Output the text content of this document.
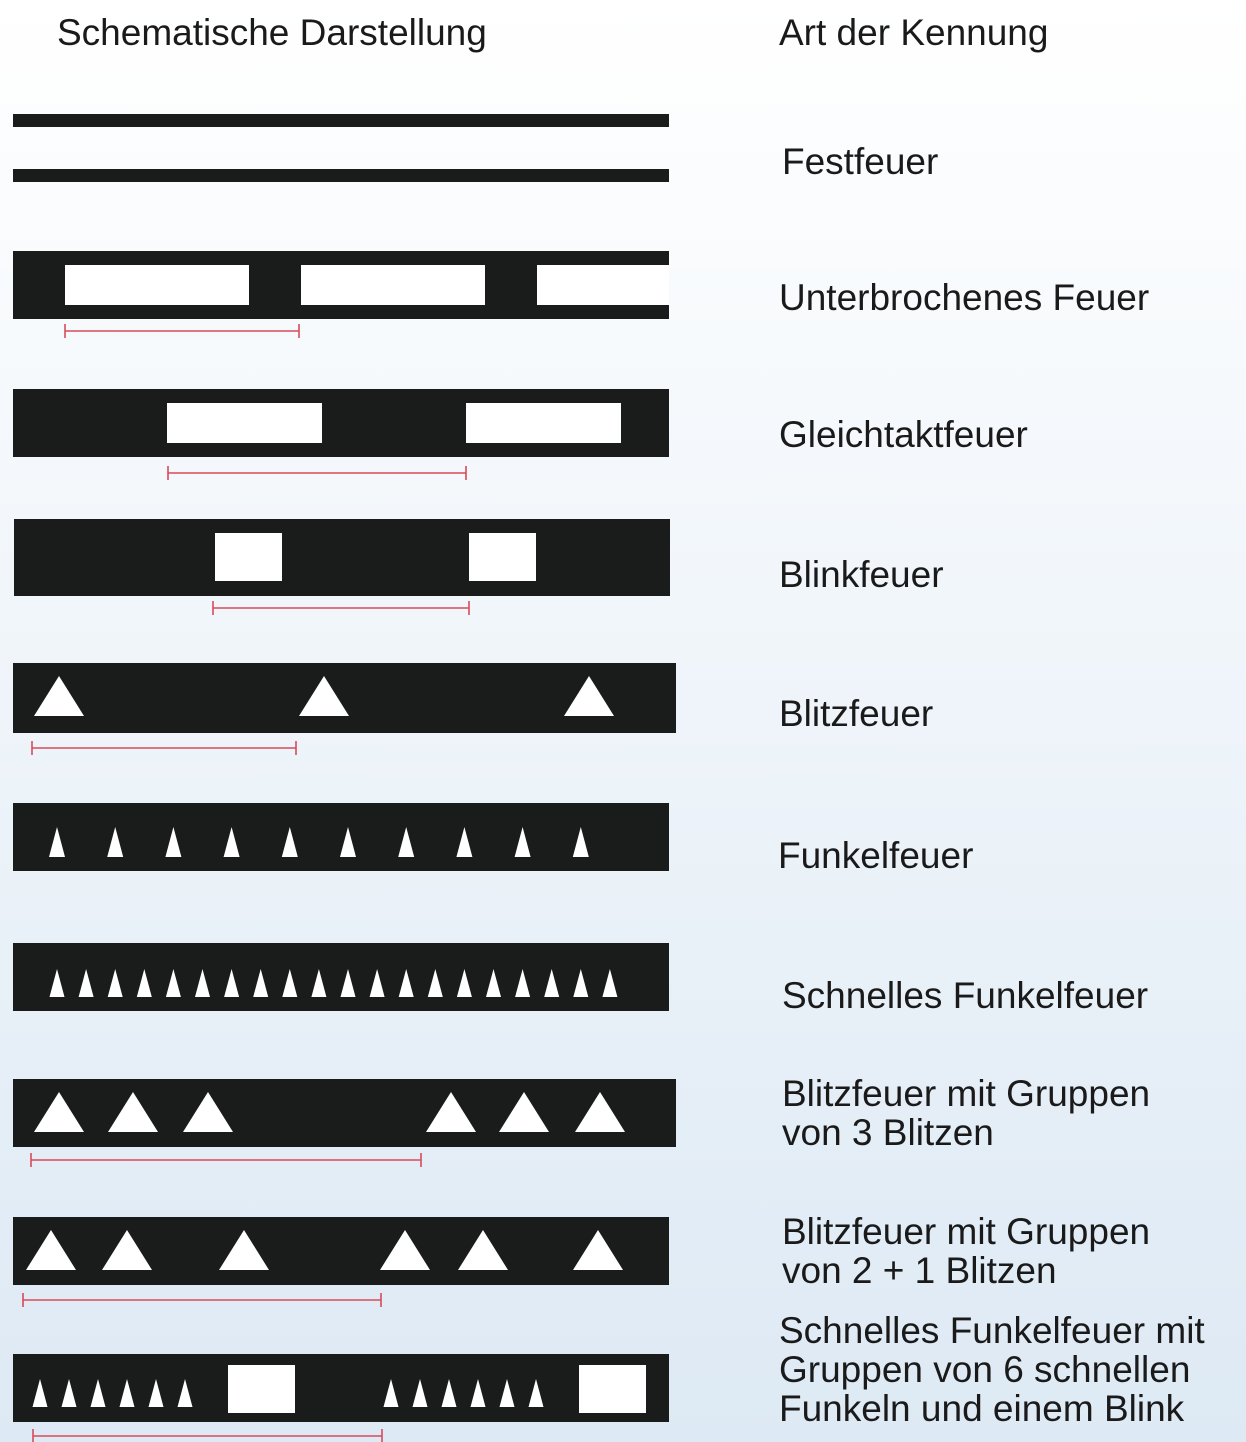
Schematische Darstellung	Art der Kennung
Festfeuer
Unterbrochenes Feuer
Gleichtaktfeuer
Blinkfeuer
Blitzfeuer
Funkelfeuer
Schnelles Funkelfeuer
Blitzfeuer mit Gruppen
von 3 Blitzen
Blitzfeuer mit Gruppen
von 2 + 1 Blitzen
Schnelles Funkelfeuer mit
Gruppen von 6 schnellen
Funkeln und einem Blink
